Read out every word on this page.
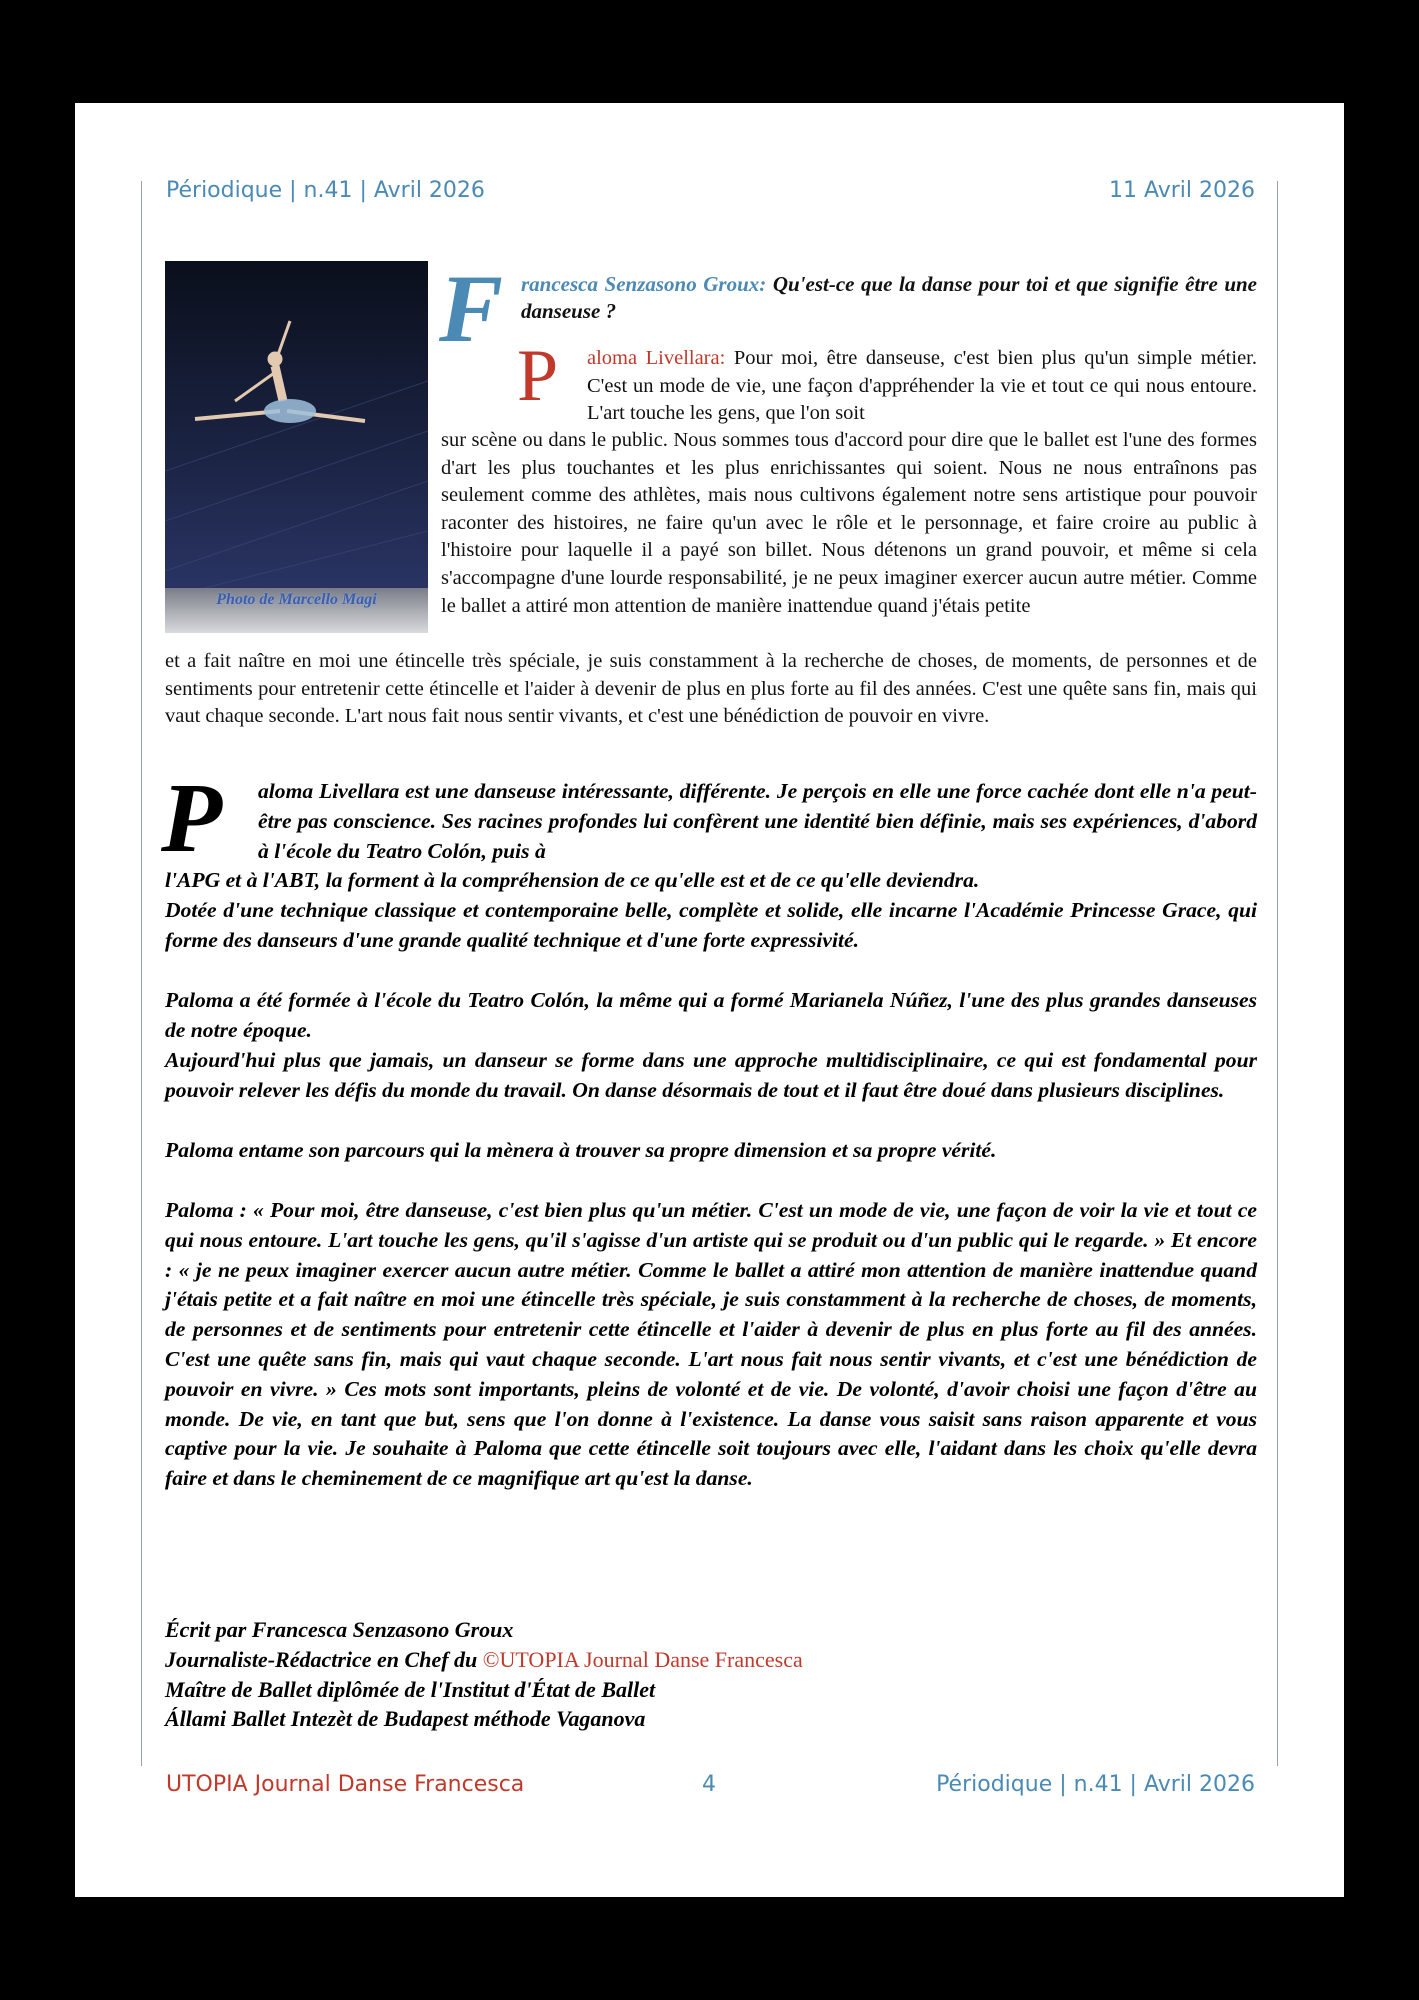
Périodique | n.41 | Avril 2026	11 Avril 2026
Photo de Marcello Magi
F rancesca Senzasono Groux: Qu'est-ce que la danse pour toi et que signifie être une danseuse ?
P aloma Livellara: Pour moi, être danseuse, c'est bien plus qu'un simple métier. C'est un mode de vie, une façon d'appréhender la vie et tout ce qui nous entoure. L'art touche les gens, que l'on soit
sur scène ou dans le public. Nous sommes tous d'accord pour dire que le ballet est l'une des formes d'art les plus touchantes et les plus enrichissantes qui soient. Nous ne nous entraînons pas seulement comme des athlètes, mais nous cultivons également notre sens artistique pour pouvoir raconter des histoires, ne faire qu'un avec le rôle et le personnage, et faire croire au public à l'histoire pour laquelle il a payé son billet. Nous détenons un grand pouvoir, et même si cela s'accompagne d'une lourde responsabilité, je ne peux imaginer exercer aucun autre métier. Comme le ballet a attiré mon attention de manière inattendue quand j'étais petite
et a fait naître en moi une étincelle très spéciale, je suis constamment à la recherche de choses, de moments, de personnes et de sentiments pour entretenir cette étincelle et l'aider à devenir de plus en plus forte au fil des années. C'est une quête sans fin, mais qui vaut chaque seconde. L'art nous fait nous sentir vivants, et c'est une bénédiction de pouvoir en vivre.
P aloma Livellara est une danseuse intéressante, différente. Je perçois en elle une force cachée dont elle n'a peut-être pas conscience. Ses racines profondes lui confèrent une identité bien définie, mais ses expériences, d'abord à l'école du Teatro Colón, puis à
l'APG et à l'ABT, la forment à la compréhension de ce qu'elle est et de ce qu'elle deviendra.
Dotée d'une technique classique et contemporaine belle, complète et solide, elle incarne l'Académie Princesse Grace, qui forme des danseurs d'une grande qualité technique et d'une forte expressivité.
Paloma a été formée à l'école du Teatro Colón, la même qui a formé Marianela Núñez, l'une des plus grandes danseuses de notre époque.
Aujourd'hui plus que jamais, un danseur se forme dans une approche multidisciplinaire, ce qui est fondamental pour pouvoir relever les défis du monde du travail. On danse désormais de tout et il faut être doué dans plusieurs disciplines.
Paloma entame son parcours qui la mènera à trouver sa propre dimension et sa propre vérité.
Paloma : « Pour moi, être danseuse, c'est bien plus qu'un métier. C'est un mode de vie, une façon de voir la vie et tout ce qui nous entoure. L'art touche les gens, qu'il s'agisse d'un artiste qui se produit ou d'un public qui le regarde. » Et encore : « je ne peux imaginer exercer aucun autre métier. Comme le ballet a attiré mon attention de manière inattendue quand j'étais petite et a fait naître en moi une étincelle très spéciale, je suis constamment à la recherche de choses, de moments, de personnes et de sentiments pour entretenir cette étincelle et l'aider à devenir de plus en plus forte au fil des années. C'est une quête sans fin, mais qui vaut chaque seconde. L'art nous fait nous sentir vivants, et c'est une bénédiction de pouvoir en vivre. » Ces mots sont importants, pleins de volonté et de vie. De volonté, d'avoir choisi une façon d'être au monde. De vie, en tant que but, sens que l'on donne à l'existence. La danse vous saisit sans raison apparente et vous captive pour la vie. Je souhaite à Paloma que cette étincelle soit toujours avec elle, l'aidant dans les choix qu'elle devra faire et dans le cheminement de ce magnifique art qu'est la danse.
Écrit par Francesca Senzasono Groux
Journaliste-Rédactrice en Chef du ©UTOPIA Journal Danse Francesca
Maître de Ballet diplômée de l'Institut d'État de Ballet
Állami Ballet Intezèt de Budapest méthode Vaganova
UTOPIA Journal Danse Francesca	4	Périodique | n.41 | Avril 2026
